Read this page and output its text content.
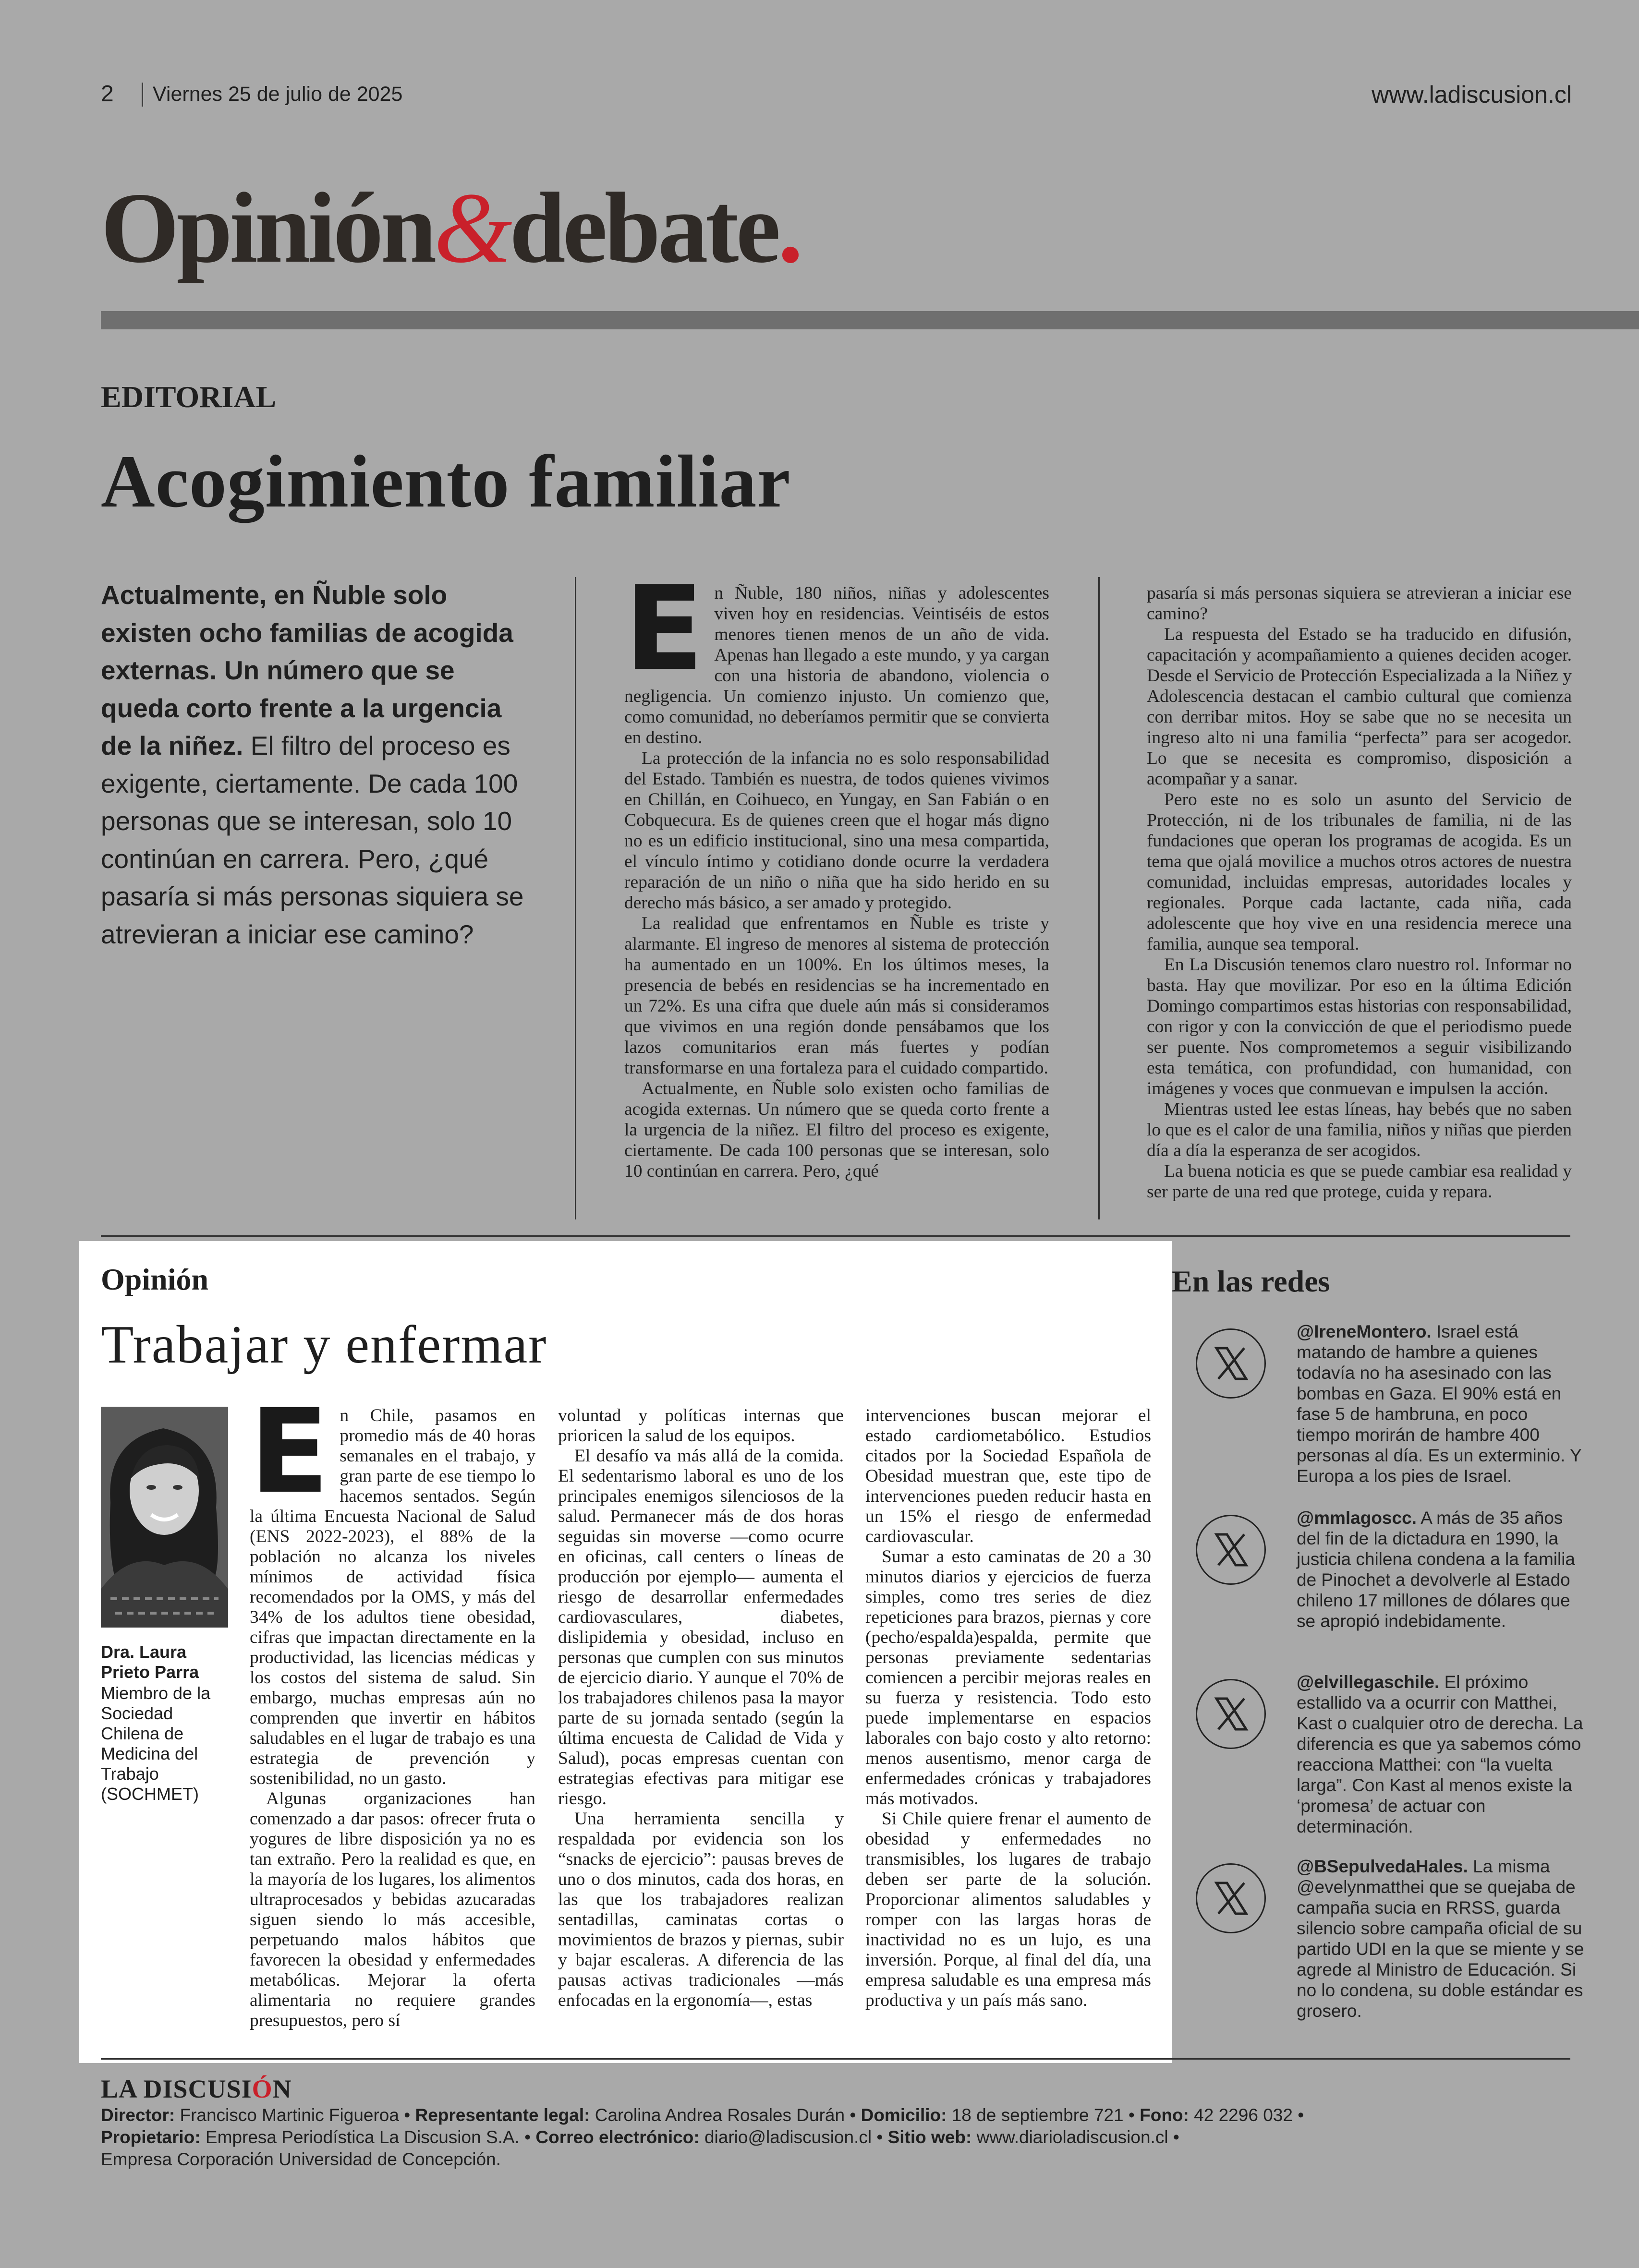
2 Viernes 25 de julio de 2025	www.ladiscusion.cl
Opinión&debate.
EDITORIAL
Acogimiento familiar
Actualmente, en Ñuble solo existen ocho familias de acogida externas. Un número que se queda corto frente a la urgencia de la niñez. El filtro del proceso es exigente, ciertamente. De cada 100 personas que se interesan, solo 10 continúan en carrera. Pero, ¿qué pasaría si más personas siquiera se atrevieran a iniciar ese camino?

En Ñuble, 180 niños, niñas y adolescentes viven hoy en residencias. Veintiséis de estos menores tienen menos de un año de vida. Apenas han llegado a este mundo, y ya cargan con una historia de abandono, violencia o negligencia. Un comienzo injusto. Un comienzo que, como comunidad, no deberíamos permitir que se convierta en destino.

La protección de la infancia no es solo responsabilidad del Estado. También es nuestra, de todos quienes vivimos en Chillán, en Coihueco, en Yungay, en San Fabián o en Cobquecura. Es de quienes creen que el hogar más digno no es un edificio institucional, sino una mesa compartida, el vínculo íntimo y cotidiano donde ocurre la verdadera reparación de un niño o niña que ha sido herido en su derecho más básico, a ser amado y protegido.

La realidad que enfrentamos en Ñuble es triste y alarmante. El ingreso de menores al sistema de protección ha aumentado en un 100%. En los últimos meses, la presencia de bebés en residencias se ha incrementado en un 72%. Es una cifra que duele aún más si consideramos que vivimos en una región donde pensábamos que los lazos comunitarios eran más fuertes y podían transformarse en una fortaleza para el cuidado compartido.

Actualmente, en Ñuble solo existen ocho familias de acogida externas. Un número que se queda corto frente a la urgencia de la niñez. El filtro del proceso es exigente, ciertamente. De cada 100 personas que se interesan, solo 10 continúan en carrera. Pero, ¿qué

pasaría si más personas siquiera se atrevieran a iniciar ese camino?

La respuesta del Estado se ha traducido en difusión, capacitación y acompañamiento a quienes deciden acoger. Desde el Servicio de Protección Especializada a la Niñez y Adolescencia destacan el cambio cultural que comienza con derribar mitos. Hoy se sabe que no se necesita un ingreso alto ni una familia “perfecta” para ser acogedor. Lo que se necesita es compromiso, disposición a acompañar y a sanar.

Pero este no es solo un asunto del Servicio de Protección, ni de los tribunales de familia, ni de las fundaciones que operan los programas de acogida. Es un tema que ojalá movilice a muchos otros actores de nuestra comunidad, incluidas empresas, autoridades locales y regionales. Porque cada lactante, cada niña, cada adolescente que hoy vive en una residencia merece una familia, aunque sea temporal.

En La Discusión tenemos claro nuestro rol. Informar no basta. Hay que movilizar. Por eso en la última Edición Domingo compartimos estas historias con responsabilidad, con rigor y con la convicción de que el periodismo puede ser puente. Nos comprometemos a seguir visibilizando esta temática, con profundidad, con humanidad, con imágenes y voces que conmuevan e impulsen la acción.

Mientras usted lee estas líneas, hay bebés que no saben lo que es el calor de una familia, niños y niñas que pierden día a día la esperanza de ser acogidos.

La buena noticia es que se puede cambiar esa realidad y ser parte de una red que protege, cuida y repara.

Opinión
Trabajar y enfermar
Dra. Laura Prieto Parra
Miembro de la Sociedad Chilena de Medicina del Trabajo (SOCHMET)

En Chile, pasamos en promedio más de 40 horas semanales en el trabajo, y gran parte de ese tiempo lo hacemos sentados. Según la última Encuesta Nacional de Salud (ENS 2022-2023), el 88% de la población no alcanza los niveles mínimos de actividad física recomendados por la OMS, y más del 34% de los adultos tiene obesidad, cifras que impactan directamente en la productividad, las licencias médicas y los costos del sistema de salud. Sin embargo, muchas empresas aún no comprenden que invertir en hábitos saludables en el lugar de trabajo es una estrategia de prevención y sostenibilidad, no un gasto.

Algunas organizaciones han comenzado a dar pasos: ofrecer fruta o yogures de libre disposición ya no es tan extraño. Pero la realidad es que, en la mayoría de los lugares, los alimentos ultraprocesados y bebidas azucaradas siguen siendo lo más accesible, perpetuando malos hábitos que favorecen la obesidad y enfermedades metabólicas. Mejorar la oferta alimentaria no requiere grandes presupuestos, pero sí

voluntad y políticas internas que prioricen la salud de los equipos.

El desafío va más allá de la comida. El sedentarismo laboral es uno de los principales enemigos silenciosos de la salud. Permanecer más de dos horas seguidas sin moverse —como ocurre en oficinas, call centers o líneas de producción por ejemplo— aumenta el riesgo de desarrollar enfermedades cardiovasculares, diabetes, dislipidemia y obesidad, incluso en personas que cumplen con sus minutos de ejercicio diario. Y aunque el 70% de los trabajadores chilenos pasa la mayor parte de su jornada sentado (según la última encuesta de Calidad de Vida y Salud), pocas empresas cuentan con estrategias efectivas para mitigar ese riesgo.

Una herramienta sencilla y respaldada por evidencia son los “snacks de ejercicio”: pausas breves de uno o dos minutos, cada dos horas, en las que los trabajadores realizan sentadillas, caminatas cortas o movimientos de brazos y piernas, subir y bajar escaleras. A diferencia de las pausas activas tradicionales —más enfocadas en la ergonomía—, estas

intervenciones buscan mejorar el estado cardiometabólico. Estudios citados por la Sociedad Española de Obesidad muestran que, este tipo de intervenciones pueden reducir hasta en un 15% el riesgo de enfermedad cardiovascular.

Sumar a esto caminatas de 20 a 30 minutos diarios y ejercicios de fuerza simples, como tres series de diez repeticiones para brazos, piernas y core (pecho/espalda)espalda, permite que personas previamente sedentarias comiencen a percibir mejoras reales en su fuerza y resistencia. Todo esto puede implementarse en espacios laborales con bajo costo y alto retorno: menos ausentismo, menor carga de enfermedades crónicas y trabajadores más motivados.

Si Chile quiere frenar el aumento de obesidad y enfermedades no transmisibles, los lugares de trabajo deben ser parte de la solución. Proporcionar alimentos saludables y romper con las largas horas de inactividad no es un lujo, es una inversión. Porque, al final del día, una empresa saludable es una empresa más productiva y un país más sano.

En las redes
@IreneMontero. Israel está matando de hambre a quienes todavía no ha asesinado con las bombas en Gaza. El 90% está en fase 5 de hambruna, en poco tiempo morirán de hambre 400 personas al día. Es un exterminio. Y Europa a los pies de Israel.
@mmlagoscc. A más de 35 años del fin de la dictadura en 1990, la justicia chilena condena a la familia de Pinochet a devolverle al Estado chileno 17 millones de dólares que se apropió indebidamente.
@elvillegaschile. El próximo estallido va a ocurrir con Matthei, Kast o cualquier otro de derecha. La diferencia es que ya sabemos cómo reacciona Matthei: con “la vuelta larga”. Con Kast al menos existe la ‘promesa’ de actuar con determinación.
@BSepulvedaHales. La misma @evelynmatthei que se quejaba de campaña sucia en RRSS, guarda silencio sobre campaña oficial de su partido UDI en la que se miente y se agrede al Ministro de Educación. Si no lo condena, su doble estándar es grosero.
LA DISCUSIÓN
Director: Francisco Martinic Figueroa • Representante legal: Carolina Andrea Rosales Durán • Domicilio: 18 de septiembre 721 • Fono: 42 2296 032 •
Propietario: Empresa Periodística La Discusion S.A. • Correo electrónico: diario@ladiscusion.cl • Sitio web: www.diarioladiscusion.cl •
Empresa Corporación Universidad de Concepción.
